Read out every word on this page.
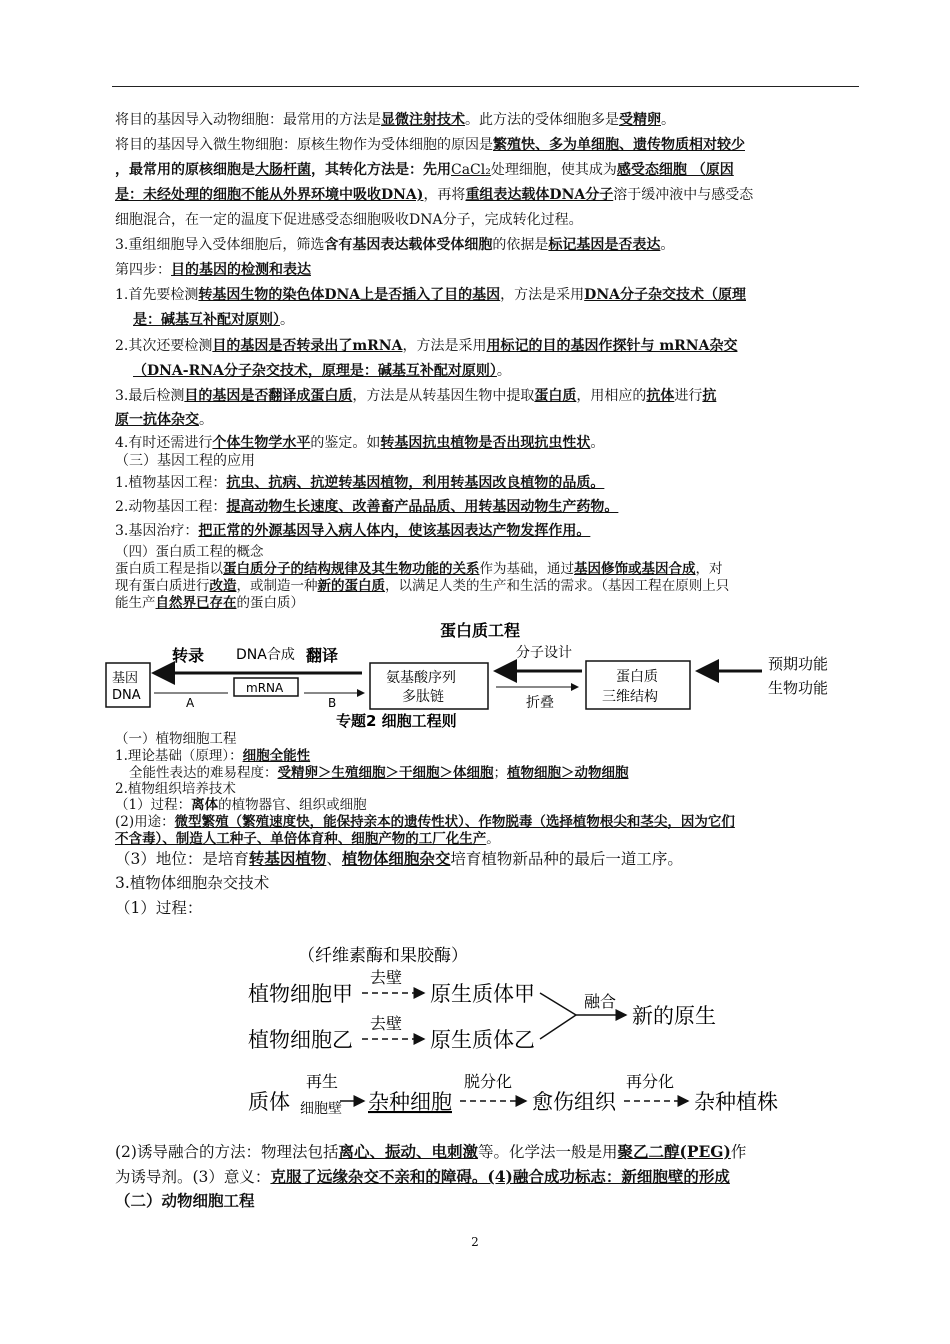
将目的基因导入动物细胞：最常用的方法是显微注射技术。此方法的受体细胞多是受精卵。
将目的基因导入微生物细胞：原核生物作为受体细胞的原因是繁殖快、多为单细胞、遗传物质相对较少
，最常用的原核细胞是大肠杆菌，其转化方法是：先用CaCl₂处理细胞，使其成为感受态细胞 （原因
是：未经处理的细胞不能从外界环境中吸收DNA)，再将重组表达载体DNA分子溶于缓冲液中与感受态
细胞混合，在一定的温度下促进感受态细胞吸收DNA分子，完成转化过程。
3.重组细胞导入受体细胞后，筛选含有基因表达载体受体细胞的依据是标记基因是否表达。
第四步：目的基因的检测和表达
1.首先要检测转基因生物的染色体DNA上是否插入了目的基因，方法是采用DNA分子杂交技术（原理
是：碱基互补配对原则）。
2.其次还要检测目的基因是否转录出了mRNA，方法是采用用标记的目的基因作探针与 mRNA杂交
（DNA-RNA分子杂交技术，原理是：碱基互补配对原则）。
3.最后检测目的基因是否翻译成蛋白质，方法是从转基因生物中提取蛋白质，用相应的抗体进行抗
原一抗体杂交。
4.有时还需进行个体生物学水平的鉴定。如转基因抗虫植物是否出现抗虫性状。
（三）基因工程的应用
1.植物基因工程：抗虫、抗病、抗逆转基因植物，利用转基因改良植物的品质。
2.动物基因工程：提高动物生长速度、改善畜产品品质、用转基因动物生产药物。
3.基因治疗：把正常的外源基因导入病人体内，使该基因表达产物发挥作用。
（四）蛋白质工程的概念
蛋白质工程是指以蛋白质分子的结构规律及其生物功能的关系作为基础，通过基因修饰或基因合成，对
现有蛋白质进行改造，或制造一种新的蛋白质，以满足人类的生产和生活的需求。（基因工程在原则上只
能生产自然界已存在的蛋白质）
蛋白质工程
转录 DNA合成 翻译	分子设计
基因
DNA	mRNA
A	B
氨基酸序列
多肽链	折叠
蛋白质
三维结构
预期功能
生物功能
专题2 细胞工程则
（一）植物细胞工程
1.理论基础（原理）：细胞全能性
全能性表达的难易程度：受精卵＞生殖细胞＞干细胞＞体细胞；植物细胞＞动物细胞
2.植物组织培养技术
（1）过程：离体的植物器官、组织或细胞
(2)用途：微型繁殖（繁殖速度快，能保持亲本的遗传性状）、作物脱毒（选择植物根尖和茎尖，因为它们
不含毒）、制造人工种子、单倍体育种、细胞产物的工厂化生产。
（3）地位：是培育转基因植物、植物体细胞杂交培育植物新品种的最后一道工序。
3.植物体细胞杂交技术
（1）过程：
（纤维素酶和果胶酶）
植物细胞甲
去壁
原生质体甲
植物细胞乙
去壁
原生质体乙
融合
新的原生
质体
再生
细胞壁 杂种细胞
脱分化
愈伤组织
再分化
杂种植株
(2)诱导融合的方法：物理法包括离心、振动、电刺激等。化学法一般是用聚乙二醇(PEG)作
为诱导剂。(3）意义：克服了远缘杂交不亲和的障碍。(4)融合成功标志：新细胞壁的形成
（二）动物细胞工程
2
